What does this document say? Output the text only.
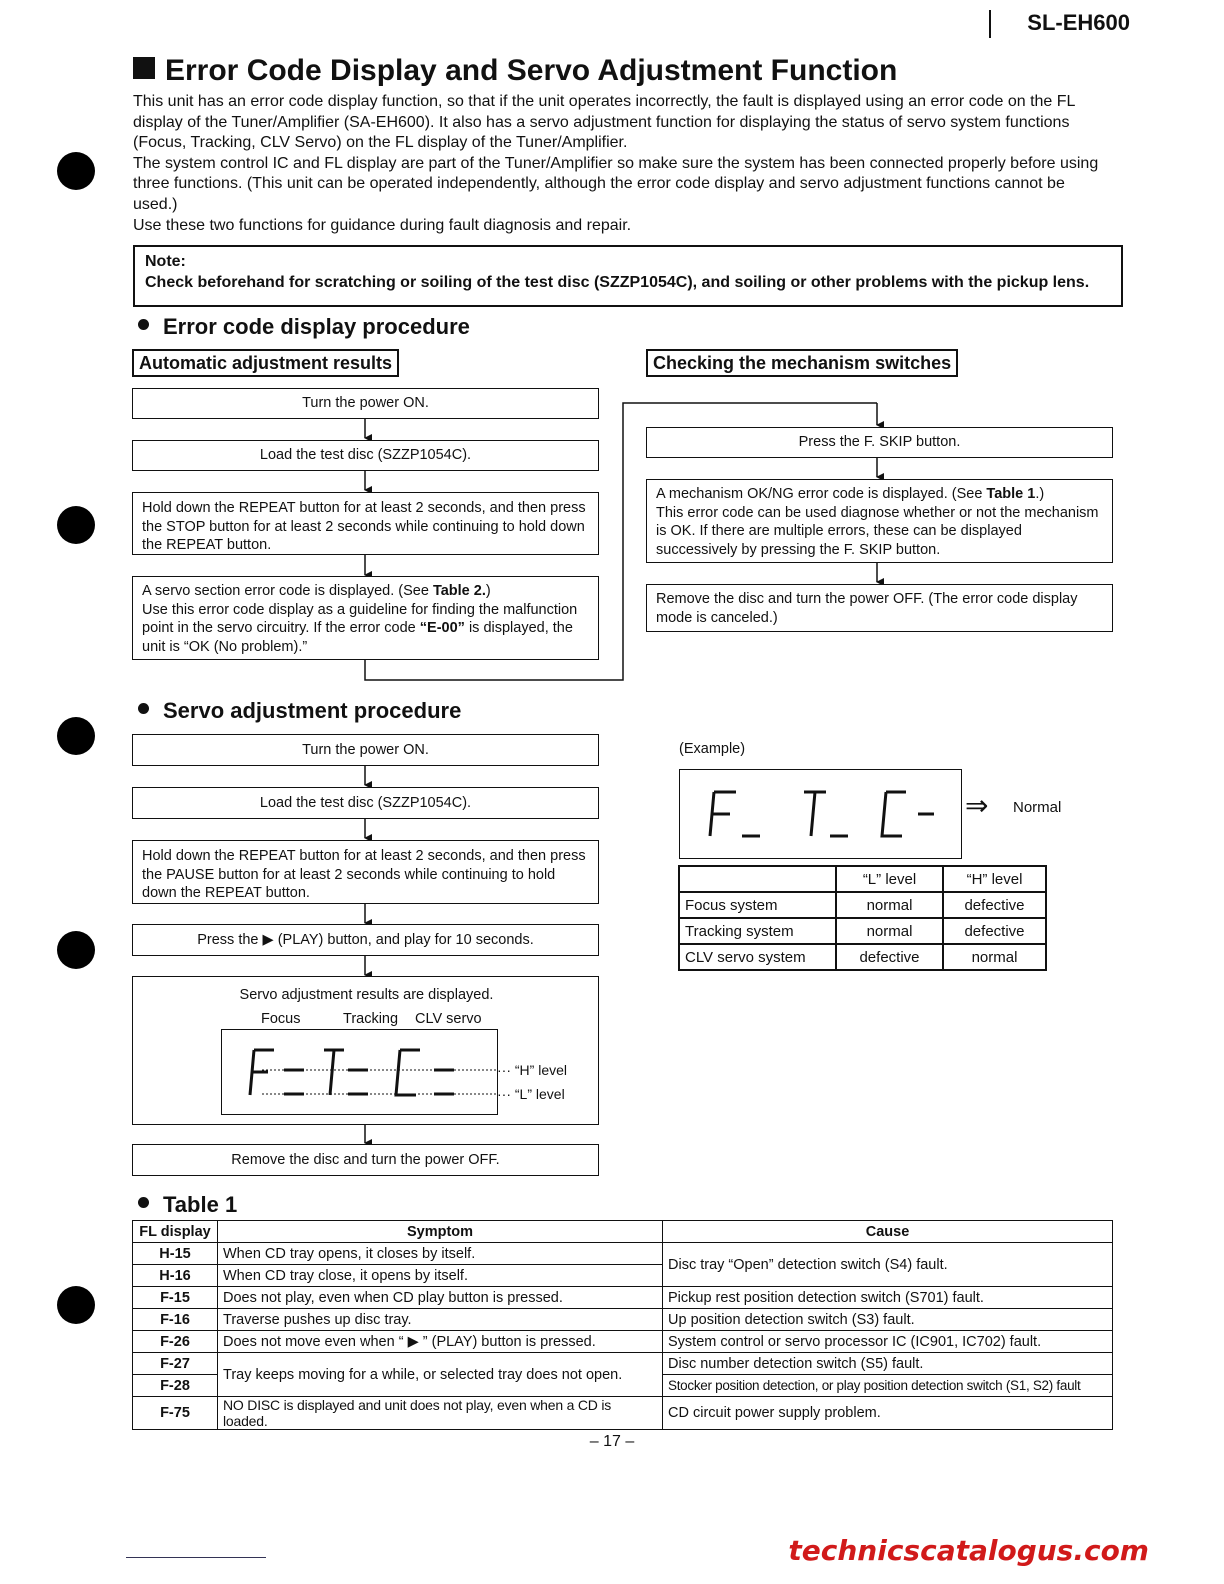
SL-EH600
Error Code Display and Servo Adjustment Function

This unit has an error code display function, so that if the unit operates incorrectly, the fault is displayed using an error code on the FL display of the Tuner/Amplifier (SA-EH600). It also has a servo adjustment function for displaying the status of servo system functions (Focus, Tracking, CLV Servo) on the FL display of the Tuner/Amplifier.

The system control IC and FL display are part of the Tuner/Amplifier so make sure the system has been connected properly before using three functions. (This unit can be operated independently, although the error code display and servo adjustment functions cannot be used.)

Use these two functions for guidance during fault diagnosis and repair.

Note:
Check beforehand for scratching or soiling of the test disc (SZZP1054C), and soiling or other problems with the pickup lens.
Error code display procedure
Automatic adjustment results	Checking the mechanism switches
Turn the power ON.
Load the test disc (SZZP1054C).
Hold down the REPEAT button for at least 2 seconds, and then press the STOP button for at least 2 seconds while continuing to hold down the REPEAT button.
A servo section error code is displayed. (See Table 2.)
Use this error code display as a guideline for finding the malfunction point in the servo circuitry. If the error code “E-00” is displayed, the unit is “OK (No problem).”
Press the F. SKIP button.
A mechanism OK/NG error code is displayed. (See Table 1.)
This error code can be used diagnose whether or not the mechanism is OK. If there are multiple errors, these can be displayed successively by pressing the F. SKIP button.
Remove the disc and turn the power OFF. (The error code display mode is canceled.)
Servo adjustment procedure
Turn the power ON.
Load the test disc (SZZP1054C).
Hold down the REPEAT button for at least 2 seconds, and then press the PAUSE button for at least 2 seconds while continuing to hold down the REPEAT button.
Press the
▶
(PLAY) button, and play for 10 seconds.
Servo adjustment results are displayed.
Focus	Tracking CLV servo
··· “H” level
··· “L” level
Remove the disc and turn the power OFF.
(Example)
⇒ Normal
	“L” level	“H” level
Focus system	normal	defective
Tracking system	normal	defective
CLV servo system	defective	normal
Table 1
FL display	Symptom	Cause
H-15	When CD tray opens, it closes by itself.	Disc tray “Open” detection switch (S4) fault.
H-16	When CD tray close, it opens by itself.	
F-15	Does not play, even when CD play button is pressed.	Pickup rest position detection switch (S701) fault.
F-16	Traverse pushes up disc tray.	Up position detection switch (S3) fault.
F-26	Does not move even when “ ▶ ” (PLAY) button is pressed.	System control or servo processor IC (IC901, IC702) fault.
F-27	Tray keeps moving for a while, or selected tray does not open.	Disc number detection switch (S5) fault.
F-28		Stocker position detection, or play position detection switch (S1, S2) fault
F-75	NO DISC is displayed and unit does not play, even when a CD is loaded.	CD circuit power supply problem.
– 17 –
technicscatalogus.com
